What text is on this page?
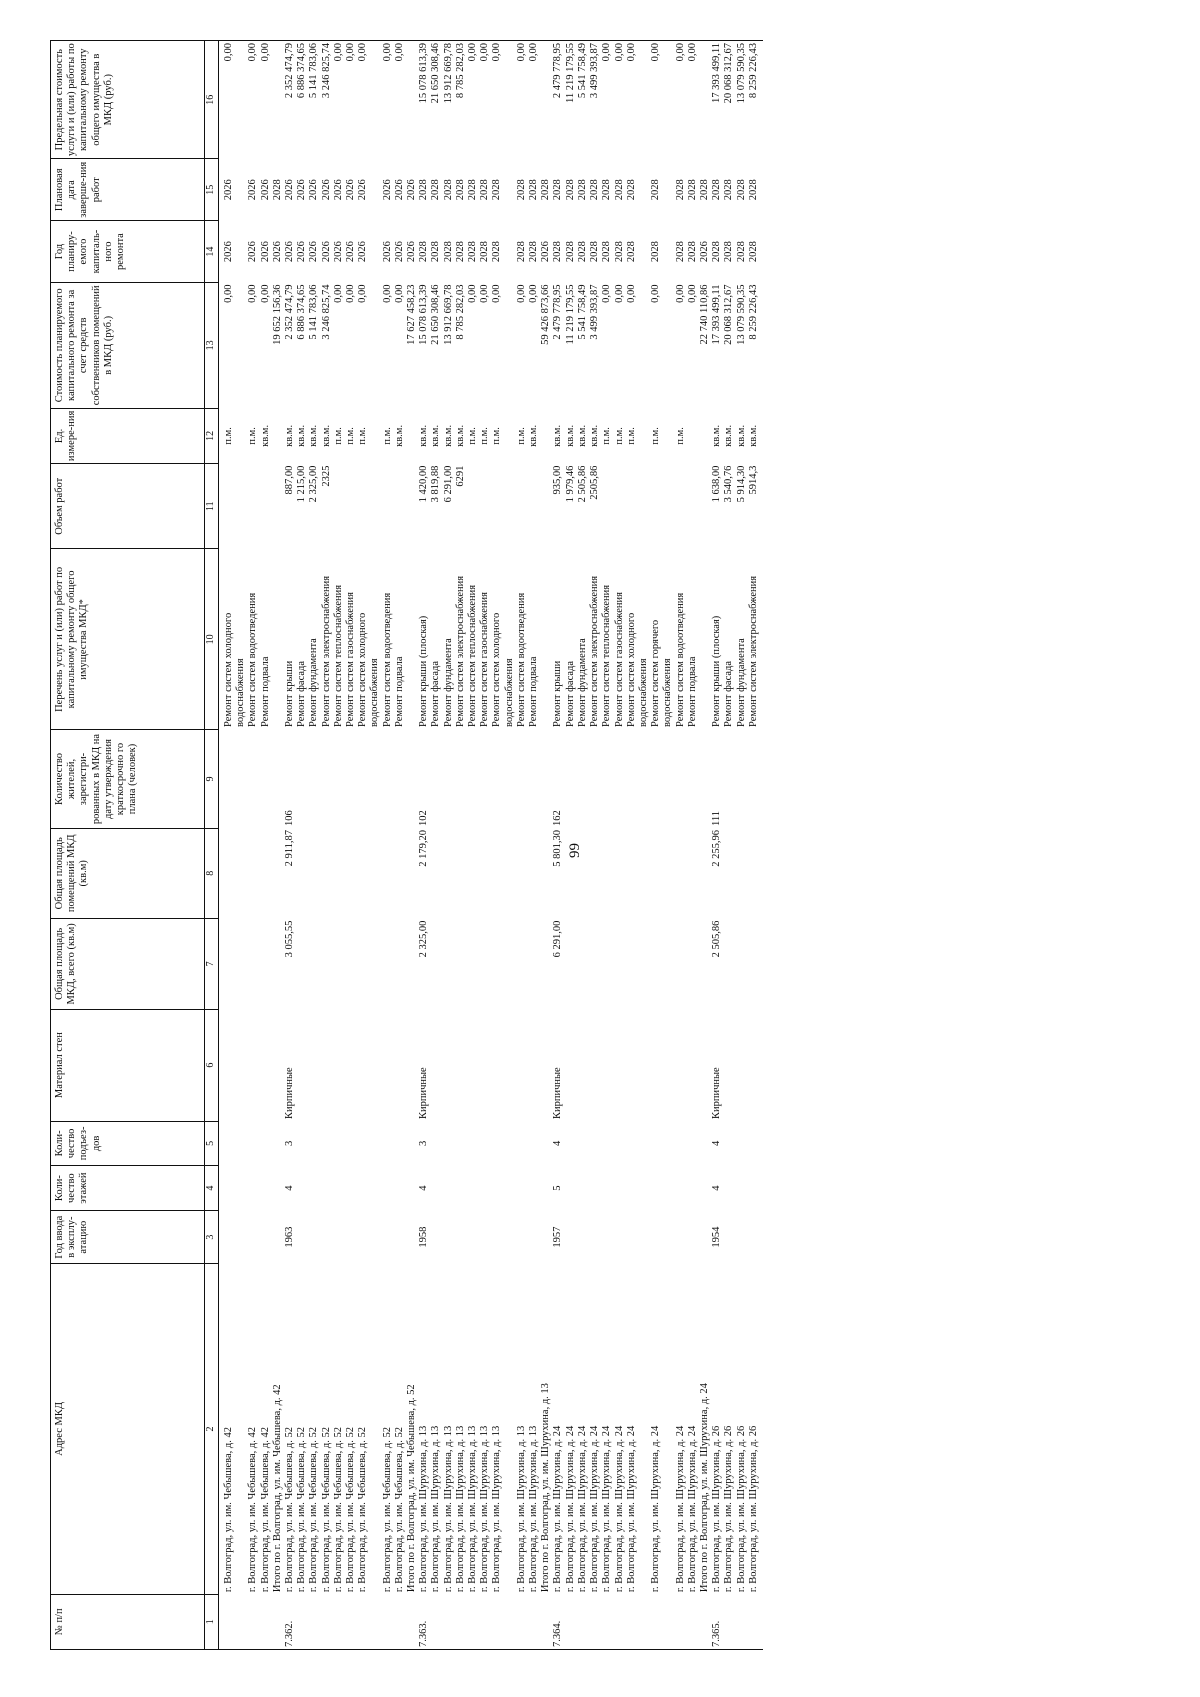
99
№ п/п	Адрес МКД	Год ввода в эксплу-атацию	Коли-чество этажей	Коли-чество подъез-дов	Материал стен	Общая площадь МКД, всего (кв.м)	Общая площадь помещений МКД (кв.м)	Количество жителей, зарегистри-рованных в МКД на дату утверждения краткосрочно го плана (человек)	Перечень услуг и (или) работ по капитальному ремонту общего имущества МКД*	Объем работ	Ед. измере-ния	Стоимость планируемого капитального ремонта за счет средств собственников помещений в МКД (руб.)	Год планиру-емого капиталь-ного ремонта	Плановая дата заверше-ния работ	Предельная стоимость услуги и (или) работы по капитальному ремонту общего имущества в МКД (руб.)
1	2	3	4	5	6	7	8	9	10	11	12	13	14	15	16
	г. Волгоград, ул. им. Чебышева, д. 42								Ремонт систем холодного водоснабжения		п.м.	0,00	2026	2026	0,00
	г. Волгоград, ул. им. Чебышева, д. 42								Ремонт систем водоотведения		п.м.	0,00	2026	2026	0,00
	г. Волгоград, ул. им. Чебышева, д. 42								Ремонт подвала		кв.м.	0,00	2026	2026	0,00
	Итого по г. Волгоград, ул. им. Чебышева, д. 42											19 652 156,36	2026	2028	
7.362.	г. Волгоград, ул. им. Чебышева, д. 52	1963	4	3	Кирпичные	3 055,55	2 911,87	106	Ремонт крыши	887,00	кв.м.	2 352 474,79	2026	2026	2 352 474,79
	г. Волгоград, ул. им. Чебышева, д. 52								Ремонт фасада	1 215,00	кв.м.	6 886 374,65	2026	2026	6 886 374,65
	г. Волгоград, ул. им. Чебышева, д. 52								Ремонт фундамента	2 325,00	кв.м.	5 141 783,06	2026	2026	5 141 783,06
	г. Волгоград, ул. им. Чебышева, д. 52								Ремонт систем электроснабжения	2325	кв.м.	3 246 825,74	2026	2026	3 246 825,74
	г. Волгоград, ул. им. Чебышева, д. 52								Ремонт систем теплоснабжения		п.м.	0,00	2026	2026	0,00
	г. Волгоград, ул. им. Чебышева, д. 52								Ремонт систем газоснабжения		п.м.	0,00	2026	2026	0,00
	г. Волгоград, ул. им. Чебышева, д. 52								Ремонт систем холодного водоснабжения		п.м.	0,00	2026	2026	0,00
	г. Волгоград, ул. им. Чебышева, д. 52								Ремонт систем водоотведения		п.м.	0,00	2026	2026	0,00
	г. Волгоград, ул. им. Чебышева, д. 52								Ремонт подвала		кв.м.	0,00	2026	2026	0,00
	Итого по г. Волгоград, ул. им. Чебышева, д. 52											17 627 458,23	2026	2026	
7.363.	г. Волгоград, ул. им. Шурухина, д. 13	1958	4	3	Кирпичные	2 325,00	2 179,20	102	Ремонт крыши (плоская)	1 420,00	кв.м.	15 078 613,39	2028	2028	15 078 613,39
	г. Волгоград, ул. им. Шурухина, д. 13								Ремонт фасада	3 819,88	кв.м.	21 650 308,46	2028	2028	21 650 308,46
	г. Волгоград, ул. им. Шурухина, д. 13								Ремонт фундамента	6 291,00	кв.м.	13 912 669,78	2028	2028	13 912 669,78
	г. Волгоград, ул. им. Шурухина, д. 13								Ремонт систем электроснабжения	6291	кв.м.	8 785 282,03	2028	2028	8 785 282,03
	г. Волгоград, ул. им. Шурухина, д. 13								Ремонт систем теплоснабжения		п.м.	0,00	2028	2028	0,00
	г. Волгоград, ул. им. Шурухина, д. 13								Ремонт систем газоснабжения		п.м.	0,00	2028	2028	0,00
	г. Волгоград, ул. им. Шурухина, д. 13								Ремонт систем холодного водоснабжения		п.м.	0,00	2028	2028	0,00
	г. Волгоград, ул. им. Шурухина, д. 13								Ремонт систем водоотведения		п.м.	0,00	2028	2028	0,00
	г. Волгоград, ул. им. Шурухина, д. 13								Ремонт подвала		кв.м.	0,00	2028	2028	0,00
	Итого по г. Волгоград, ул. им. Шурухина, д. 13											59 426 873,66	2026	2028	
7.364.	г. Волгоград, ул. им. Шурухина, д. 24	1957	5	4	Кирпичные	6 291,00	5 801,30	162	Ремонт крыши	935,00	кв.м.	2 479 778,95	2028	2028	2 479 778,95
	г. Волгоград, ул. им. Шурухина, д. 24								Ремонт фасада	1 979,46	кв.м.	11 219 179,55	2028	2028	11 219 179,55
	г. Волгоград, ул. им. Шурухина, д. 24								Ремонт фундамента	2 505,86	кв.м.	5 541 758,49	2028	2028	5 541 758,49
	г. Волгоград, ул. им. Шурухина, д. 24								Ремонт систем электроснабжения	2505,86	кв.м.	3 499 393,87	2028	2028	3 499 393,87
	г. Волгоград, ул. им. Шурухина, д. 24								Ремонт систем теплоснабжения		п.м.	0,00	2028	2028	0,00
	г. Волгоград, ул. им. Шурухина, д. 24								Ремонт систем газоснабжения		п.м.	0,00	2028	2028	0,00
	г. Волгоград, ул. им. Шурухина, д. 24								Ремонт систем холодного водоснабжения		п.м.	0,00	2028	2028	0,00
	г. Волгоград, ул. им. Шурухина, д. 24								Ремонт систем горячего водоснабжения		п.м.	0,00	2028	2028	0,00
	г. Волгоград, ул. им. Шурухина, д. 24								Ремонт систем водоотведения		п.м.	0,00	2028	2028	0,00
	г. Волгоград, ул. им. Шурухина, д. 24								Ремонт подвала			0,00	2028	2028	0,00
	Итого по г. Волгоград, ул. им. Шурухина, д. 24											22 740 110,86	2026	2028	
7.365.	г. Волгоград, ул. им. Шурухина, д. 26	1954	4	4	Кирпичные	2 505,86	2 255,96	111	Ремонт крыши (плоская)	1 638,00	кв.м.	17 393 499,11	2028	2028	17 393 499,11
	г. Волгоград, ул. им. Шурухина, д. 26								Ремонт фасада	3 540,76	кв.м.	20 068 312,67	2028	2028	20 068 312,67
	г. Волгоград, ул. им. Шурухина, д. 26								Ремонт фундамента	5 914,30	кв.м.	13 079 590,35	2028	2028	13 079 590,35
	г. Волгоград, ул. им. Шурухина, д. 26								Ремонт систем электроснабжения	5914,3	кв.м.	8 259 226,43	2028	2028	8 259 226,43
